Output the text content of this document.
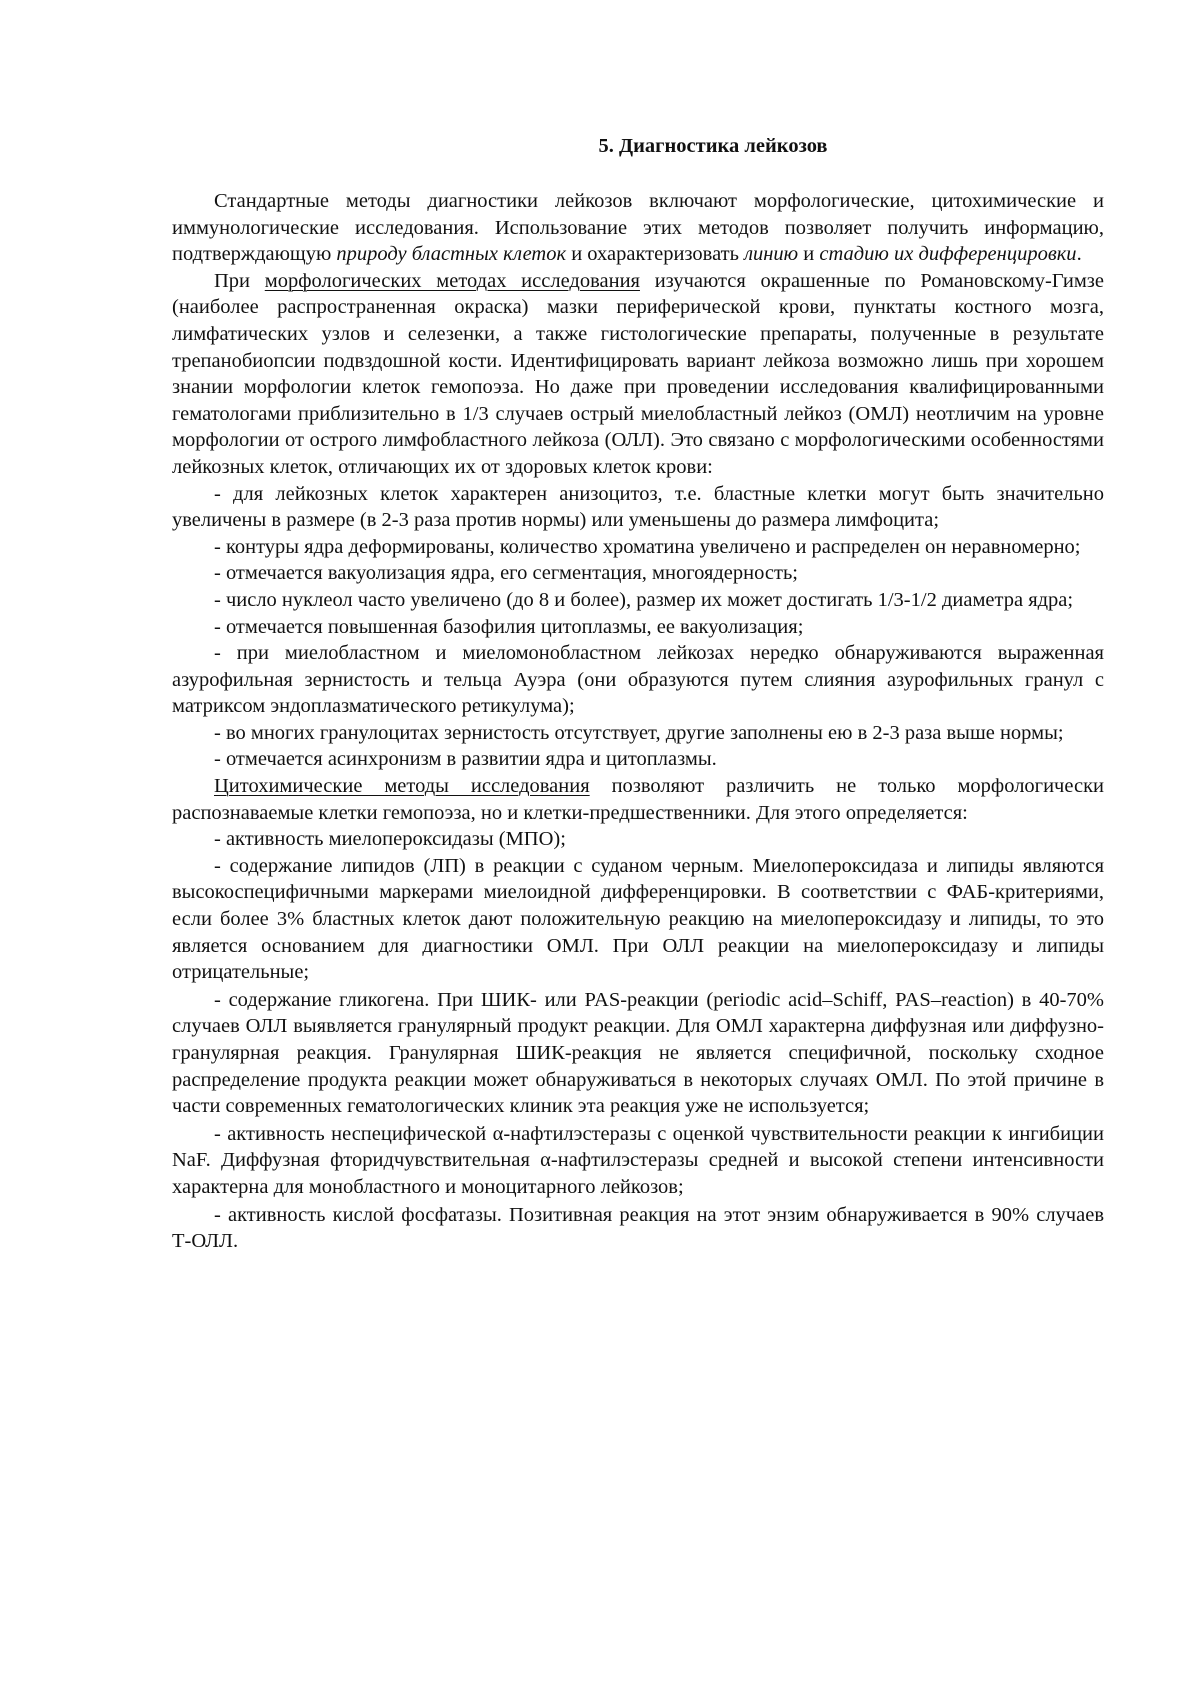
5. Диагностика лейкозов

Стандартные методы диагностики лейкозов включают морфологические, цитохимические и иммунологические исследования. Использование этих методов позволяет получить информацию, подтверждающую природу бластных клеток и охарактеризовать линию и стадию их дифференцировки.

При морфологических методах исследования изучаются окрашенные по Романовскому-Гимзе (наиболее распространенная окраска) мазки периферической крови, пунктаты костного мозга, лимфатических узлов и селезенки, а также гистологические препараты, полученные в результате трепанобиопсии подвздошной кости. Идентифицировать вариант лейкоза возможно лишь при хорошем знании морфологии клеток гемопоэза. Но даже при проведении исследования квалифицированными гематологами приблизительно в 1/3 случаев острый миелобластный лейкоз (ОМЛ) неотличим на уровне морфологии от острого лимфобластного лейкоза (ОЛЛ). Это связано с морфологическими особенностями лейкозных клеток, отличающих их от здоровых клеток крови:

- для лейкозных клеток характерен анизоцитоз, т.е. бластные клетки могут быть значительно увеличены в размере (в 2-3 раза против нормы) или уменьшены до размера лимфоцита;

- контуры ядра деформированы, количество хроматина увеличено и распределен он неравномерно;

- отмечается вакуолизация ядра, его сегментация, многоядерность;

- число нуклеол часто увеличено (до 8 и более), размер их может достигать 1/3-1/2 диаметра ядра;

- отмечается повышенная базофилия цитоплазмы, ее вакуолизация;

- при миелобластном и миеломонобластном лейкозах нередко обнаруживаются выраженная азурофильная зернистость и тельца Ауэра (они образуются путем слияния азурофильных гранул с матриксом эндоплазматического ретикулума);

- во многих гранулоцитах зернистость отсутствует, другие заполнены ею в 2-3 раза выше нормы;

- отмечается асинхронизм в развитии ядра и цитоплазмы.

Цитохимические методы исследования позволяют различить не только морфологически распознаваемые клетки гемопоэза, но и клетки-предшественники. Для этого определяется:

- активность миелопероксидазы (МПО);

- содержание липидов (ЛП) в реакции с суданом черным. Миелопероксидаза и липиды являются высокоспецифичными маркерами миелоидной дифференцировки. В соответствии с ФАБ-критериями, если более 3% бластных клеток дают положительную реакцию на миелопероксидазу и липиды, то это является основанием для диагностики ОМЛ. При ОЛЛ реакции на миелопероксидазу и липиды отрицательные;

- содержание гликогена. При ШИК- или PAS-реакции (periodic acid–Schiff, PAS–reaction) в 40-70% случаев ОЛЛ выявляется гранулярный продукт реакции. Для ОМЛ характерна диффузная или диффузно-гранулярная реакция. Гранулярная ШИК-реакция не является специфичной, поскольку сходное распределение продукта реакции может обнаруживаться в некоторых случаях ОМЛ. По этой причине в части современных гематологических клиник эта реакция уже не используется;

- активность неспецифической α-нафтилэстеразы с оценкой чувствительности реакции к ингибиции NaF. Диффузная фторидчувствительная α-нафтилэстеразы средней и высокой степени интенсивности характерна для монобластного и моноцитарного лейкозов;

- активность кислой фосфатазы. Позитивная реакция на этот энзим обнаруживается в 90% случаев Т-ОЛЛ.
